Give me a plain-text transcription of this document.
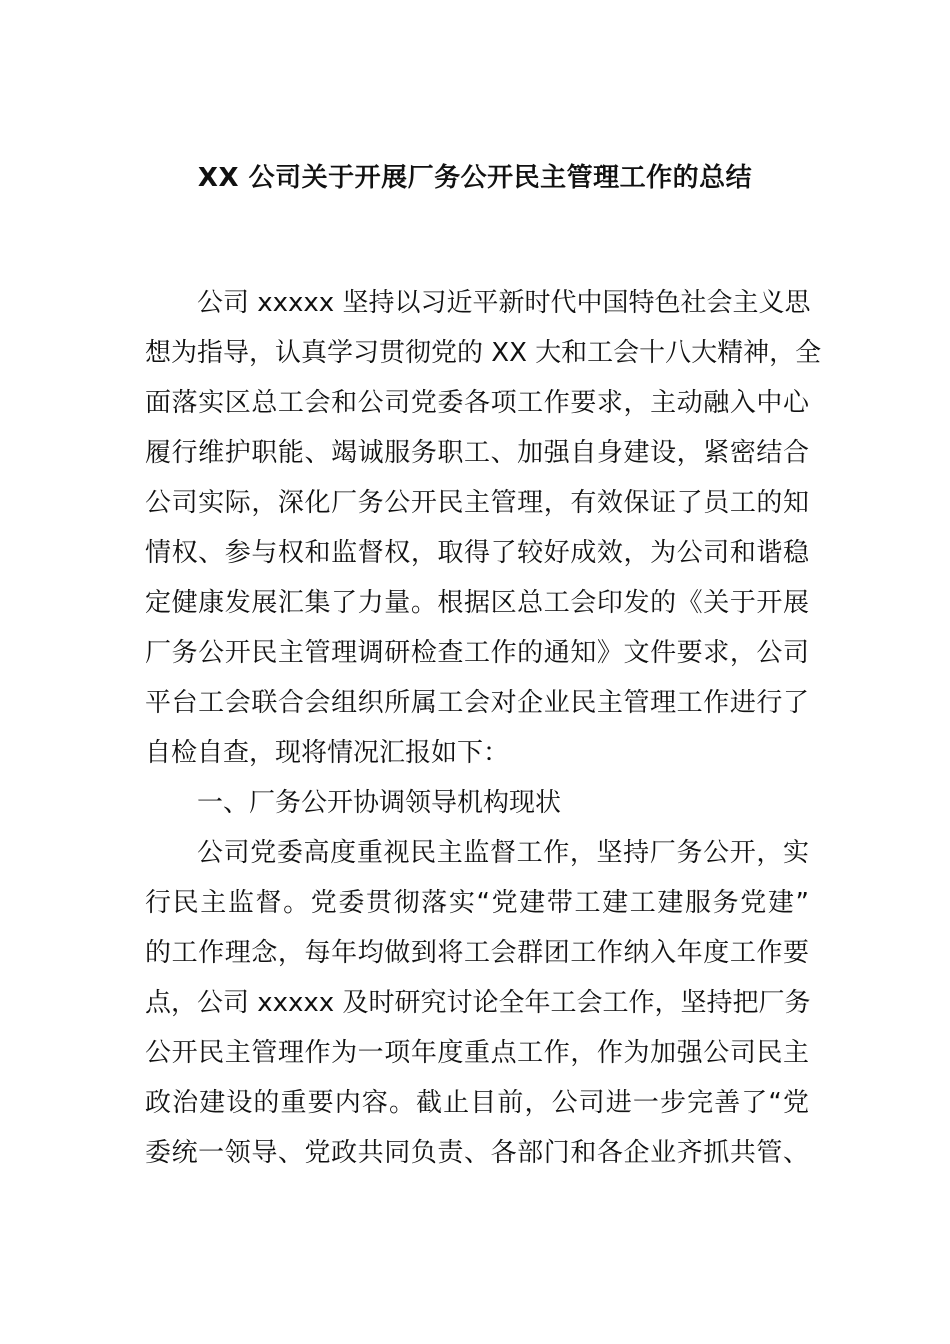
XX 公司关于开展厂务公开民主管理工作的总结
公司 xxxxx 坚持以习近平新时代中国特色社会主义思
想为指导，认真学习贯彻党的 XX 大和工会十八大精神，全
面落实区总工会和公司党委各项工作要求，主动融入中心
履行维护职能、竭诚服务职工、加强自身建设，紧密结合
公司实际，深化厂务公开民主管理，有效保证了员工的知
情权、参与权和监督权，取得了较好成效，为公司和谐稳
定健康发展汇集了力量。根据区总工会印发的《关于开展
厂务公开民主管理调研检查工作的通知》文件要求，公司
平台工会联合会组织所属工会对企业民主管理工作进行了
自检自查，现将情况汇报如下：
一、厂务公开协调领导机构现状
公司党委高度重视民主监督工作，坚持厂务公开，实
行民主监督。党委贯彻落实“党建带工建工建服务党建”
的工作理念，每年均做到将工会群团工作纳入年度工作要
点，公司 xxxxx 及时研究讨论全年工会工作，坚持把厂务
公开民主管理作为一项年度重点工作，作为加强公司民主
政治建设的重要内容。截止目前，公司进一步完善了“党
委统一领导、党政共同负责、各部门和各企业齐抓共管、
